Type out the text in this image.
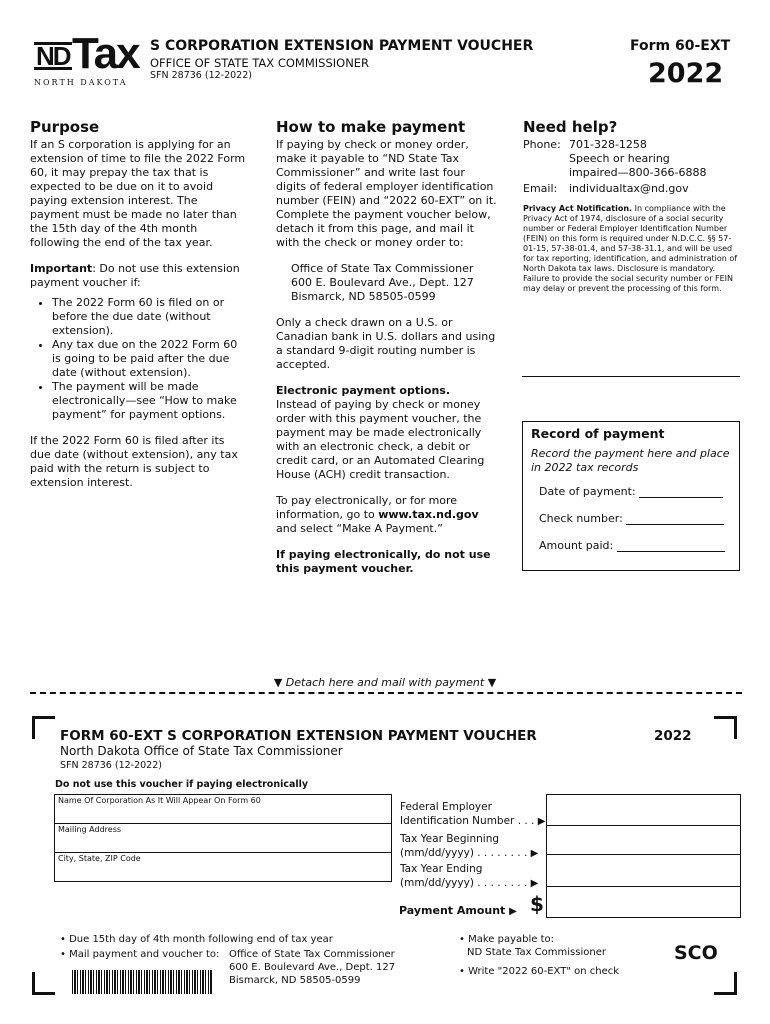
ND Tax
NORTH DAKOTA
S CORPORATION EXTENSION PAYMENT VOUCHER
OFFICE OF STATE TAX COMMISSIONER
SFN 28736 (12-2022)
Form 60-EXT
2022
Purpose

If an S corporation is applying for an extension of time to file the 2022 Form 60, it may prepay the tax that is expected to be due on it to avoid paying extension interest. The payment must be made no later than the 15th day of the 4th month following the end of the tax year.

Important: Do not use this extension payment voucher if:

• The 2022 Form 60 is filed on or before the due date (without extension).
• Any tax due on the 2022 Form 60 is going to be paid after the due date (without extension).
• The payment will be made electronically—see “How to make payment” for payment options.

If the 2022 Form 60 is filed after its due date (without extension), any tax paid with the return is subject to extension interest.

How to make payment

If paying by check or money order, make it payable to “ND State Tax Commissioner” and write last four digits of federal employer identification number (FEIN) and “2022 60-EXT” on it. Complete the payment voucher below, detach it from this page, and mail it with the check or money order to:

Office of State Tax Commissioner
600 E. Boulevard Ave., Dept. 127
Bismarck, ND 58505-0599

Only a check drawn on a U.S. or Canadian bank in U.S. dollars and using a standard 9-digit routing number is accepted.

Electronic payment options.

Instead of paying by check or money order with this payment voucher, the payment may be made electronically with an electronic check, a debit or credit card, or an Automated Clearing House (ACH) credit transaction.

To pay electronically, or for more information, go to www.tax.nd.gov and select “Make A Payment.”

If paying electronically, do not use this payment voucher.

Need help?
Phone: 701-328-1258
Speech or hearing
impaired—800-366-6888
Email:	individualtax@nd.gov
Privacy Act Notification. In compliance with the Privacy Act of 1974, disclosure of a social security number or Federal Employer Identification Number (FEIN) on this form is required under N.D.C.C. §§ 57-01-15, 57-38-01.4, and 57-38-31.1, and will be used for tax reporting, identification, and administration of North Dakota tax laws. Disclosure is mandatory. Failure to provide the social security number or FEIN may delay or prevent the processing of this form.
Record of payment
Record the payment here and place in 2022 tax records
Date of payment:
Check number:
Amount paid:
▼ Detach here and mail with payment ▼
FORM 60-EXT S CORPORATION EXTENSION PAYMENT VOUCHER	2022
North Dakota Office of State Tax Commissioner
SFN 28736 (12-2022)
Do not use this voucher if paying electronically
Name Of Corporation As It Will Appear On Form 60
Mailing Address
City, State, ZIP Code
Federal Employer
Identification Number . . . ▶
Tax Year Beginning
(mm/dd/yyyy) . . . . . . . . ▶
Tax Year Ending
(mm/dd/yyyy) . . . . . . . . ▶
Payment Amount ▶ $
• Due 15th day of 4th month following end of tax year
• Mail payment and voucher to: Office of State Tax Commissioner
600 E. Boulevard Ave., Dept. 127
Bismarck, ND 58505-0599
• Make payable to:
ND State Tax Commissioner
• Write "2022 60-EXT" on check
SCO
